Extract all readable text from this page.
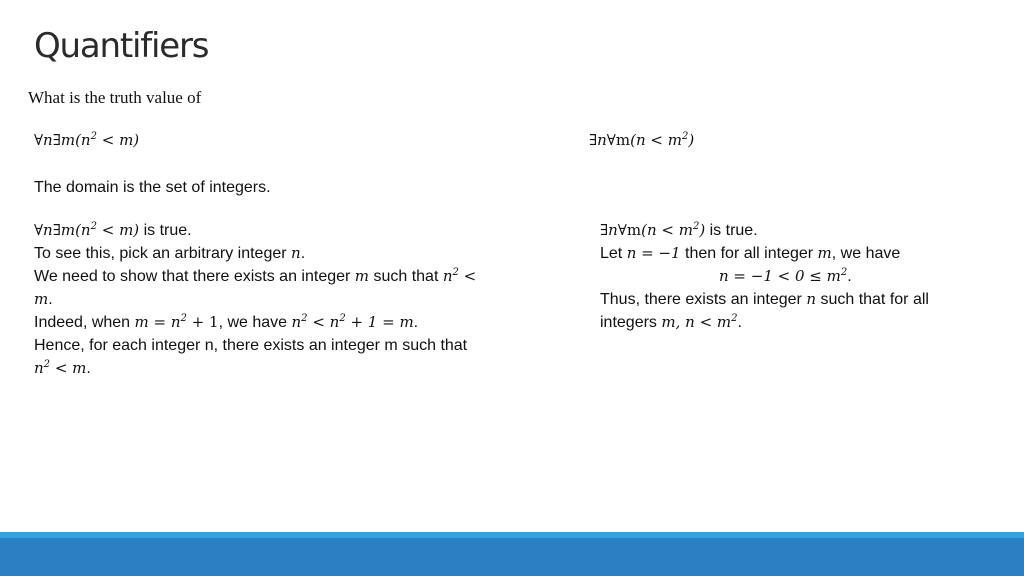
Quantifiers
What is the truth value of
$\forall n\exists m(n^2 < m)$	∃n∀m(n < $m^2$)
The domain is the set of integers.
$\forall n\exists m(n^2 < m)$ is true.
To see this, pick an arbitrary integer n.
We need to show that there exists an integer m such that $n^2$ <
m.
Indeed, when $m = n^2 + 1$, we have $n^2 < n^2 + 1 = m$.
Hence, for each integer n, there exists an integer m such that
$n^2 < m$.
∃n∀m(n < $m^2$) is true.
Let n = −1 then for all integer m, we have
$n = -1 < 0 \le m^2$.
Thus, there exists an integer n such that for all
integers m, $n < m^2$.
